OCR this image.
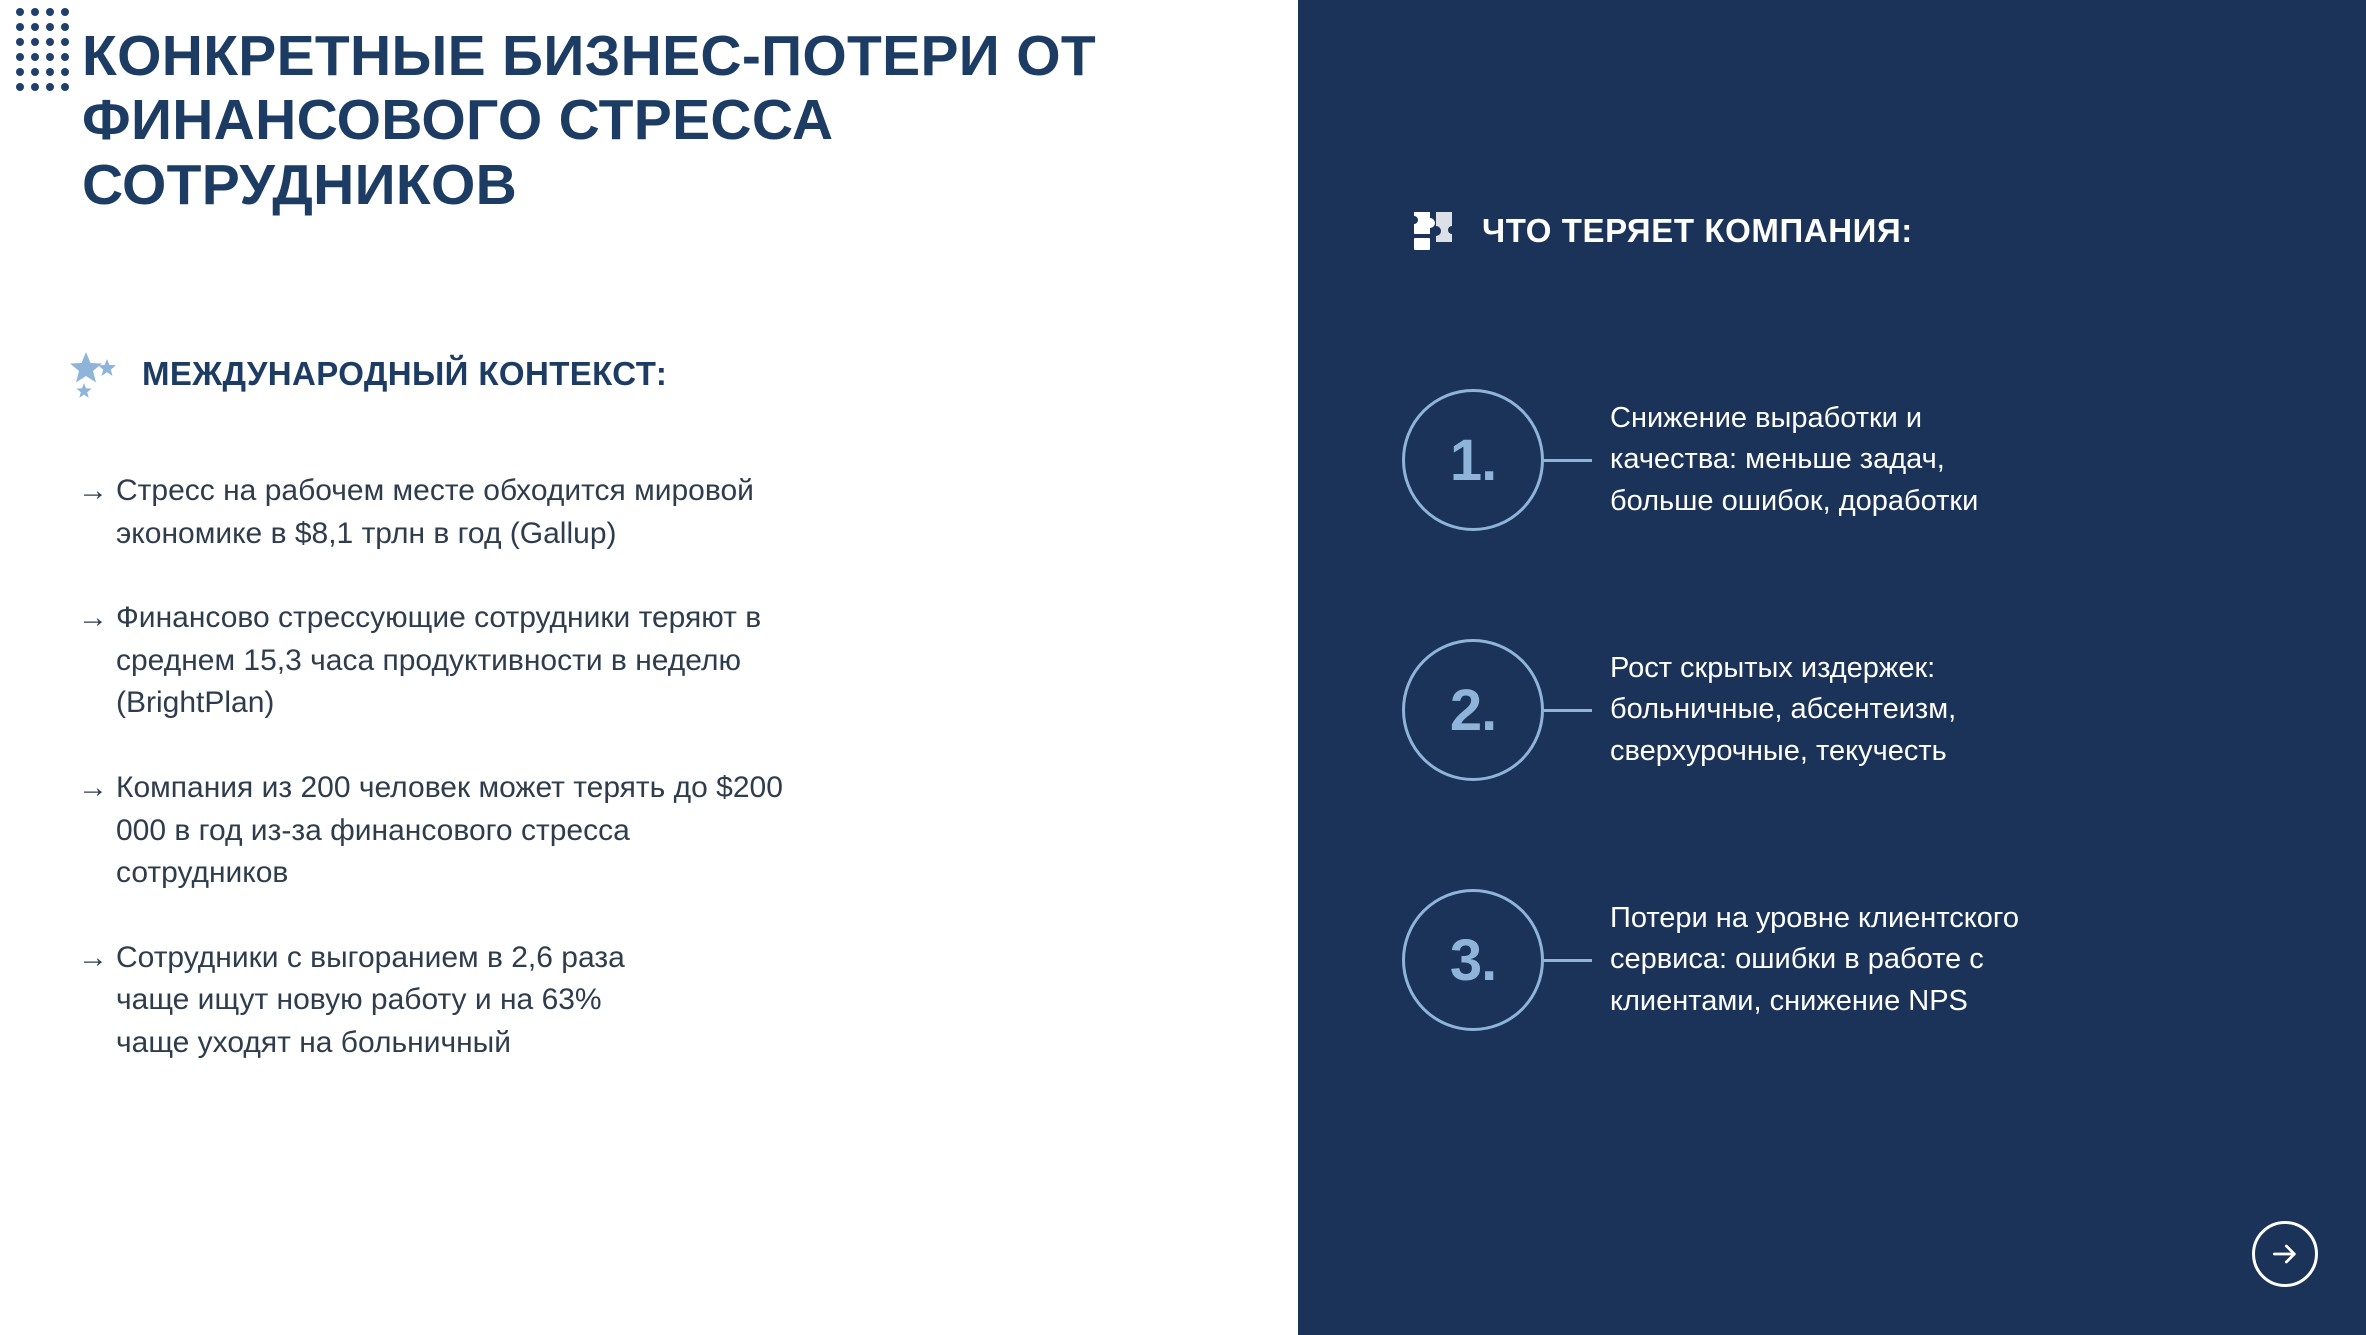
КОНКРЕТНЫЕ БИЗНЕС-ПОТЕРИ ОТ ФИНАНСОВОГО СТРЕССА СОТРУДНИКОВ
МЕЖДУНАРОДНЫЙ КОНТЕКСТ:
→ Стресс на рабочем месте обходится мировой
экономике в $8,1 трлн в год (Gallup)
→ Финансово стрессующие сотрудники теряют в
среднем 15,3 часа продуктивности в неделю
(BrightPlan)
→ Компания из 200 человек может терять до $200
000 в год из-за финансового стресса
сотрудников
→ Сотрудники с выгоранием в 2,6 раза
чаще ищут новую работу и на 63%
чаще уходят на больничный
ЧТО ТЕРЯЕТ КОМПАНИЯ:
1.
Снижение выработки и
качества: меньше задач,
больше ошибок, доработки
2.
Рост скрытых издержек:
больничные, абсентеизм,
сверхурочные, текучесть
3.
Потери на уровне клиентского
сервиса: ошибки в работе с
клиентами, снижение NPS
